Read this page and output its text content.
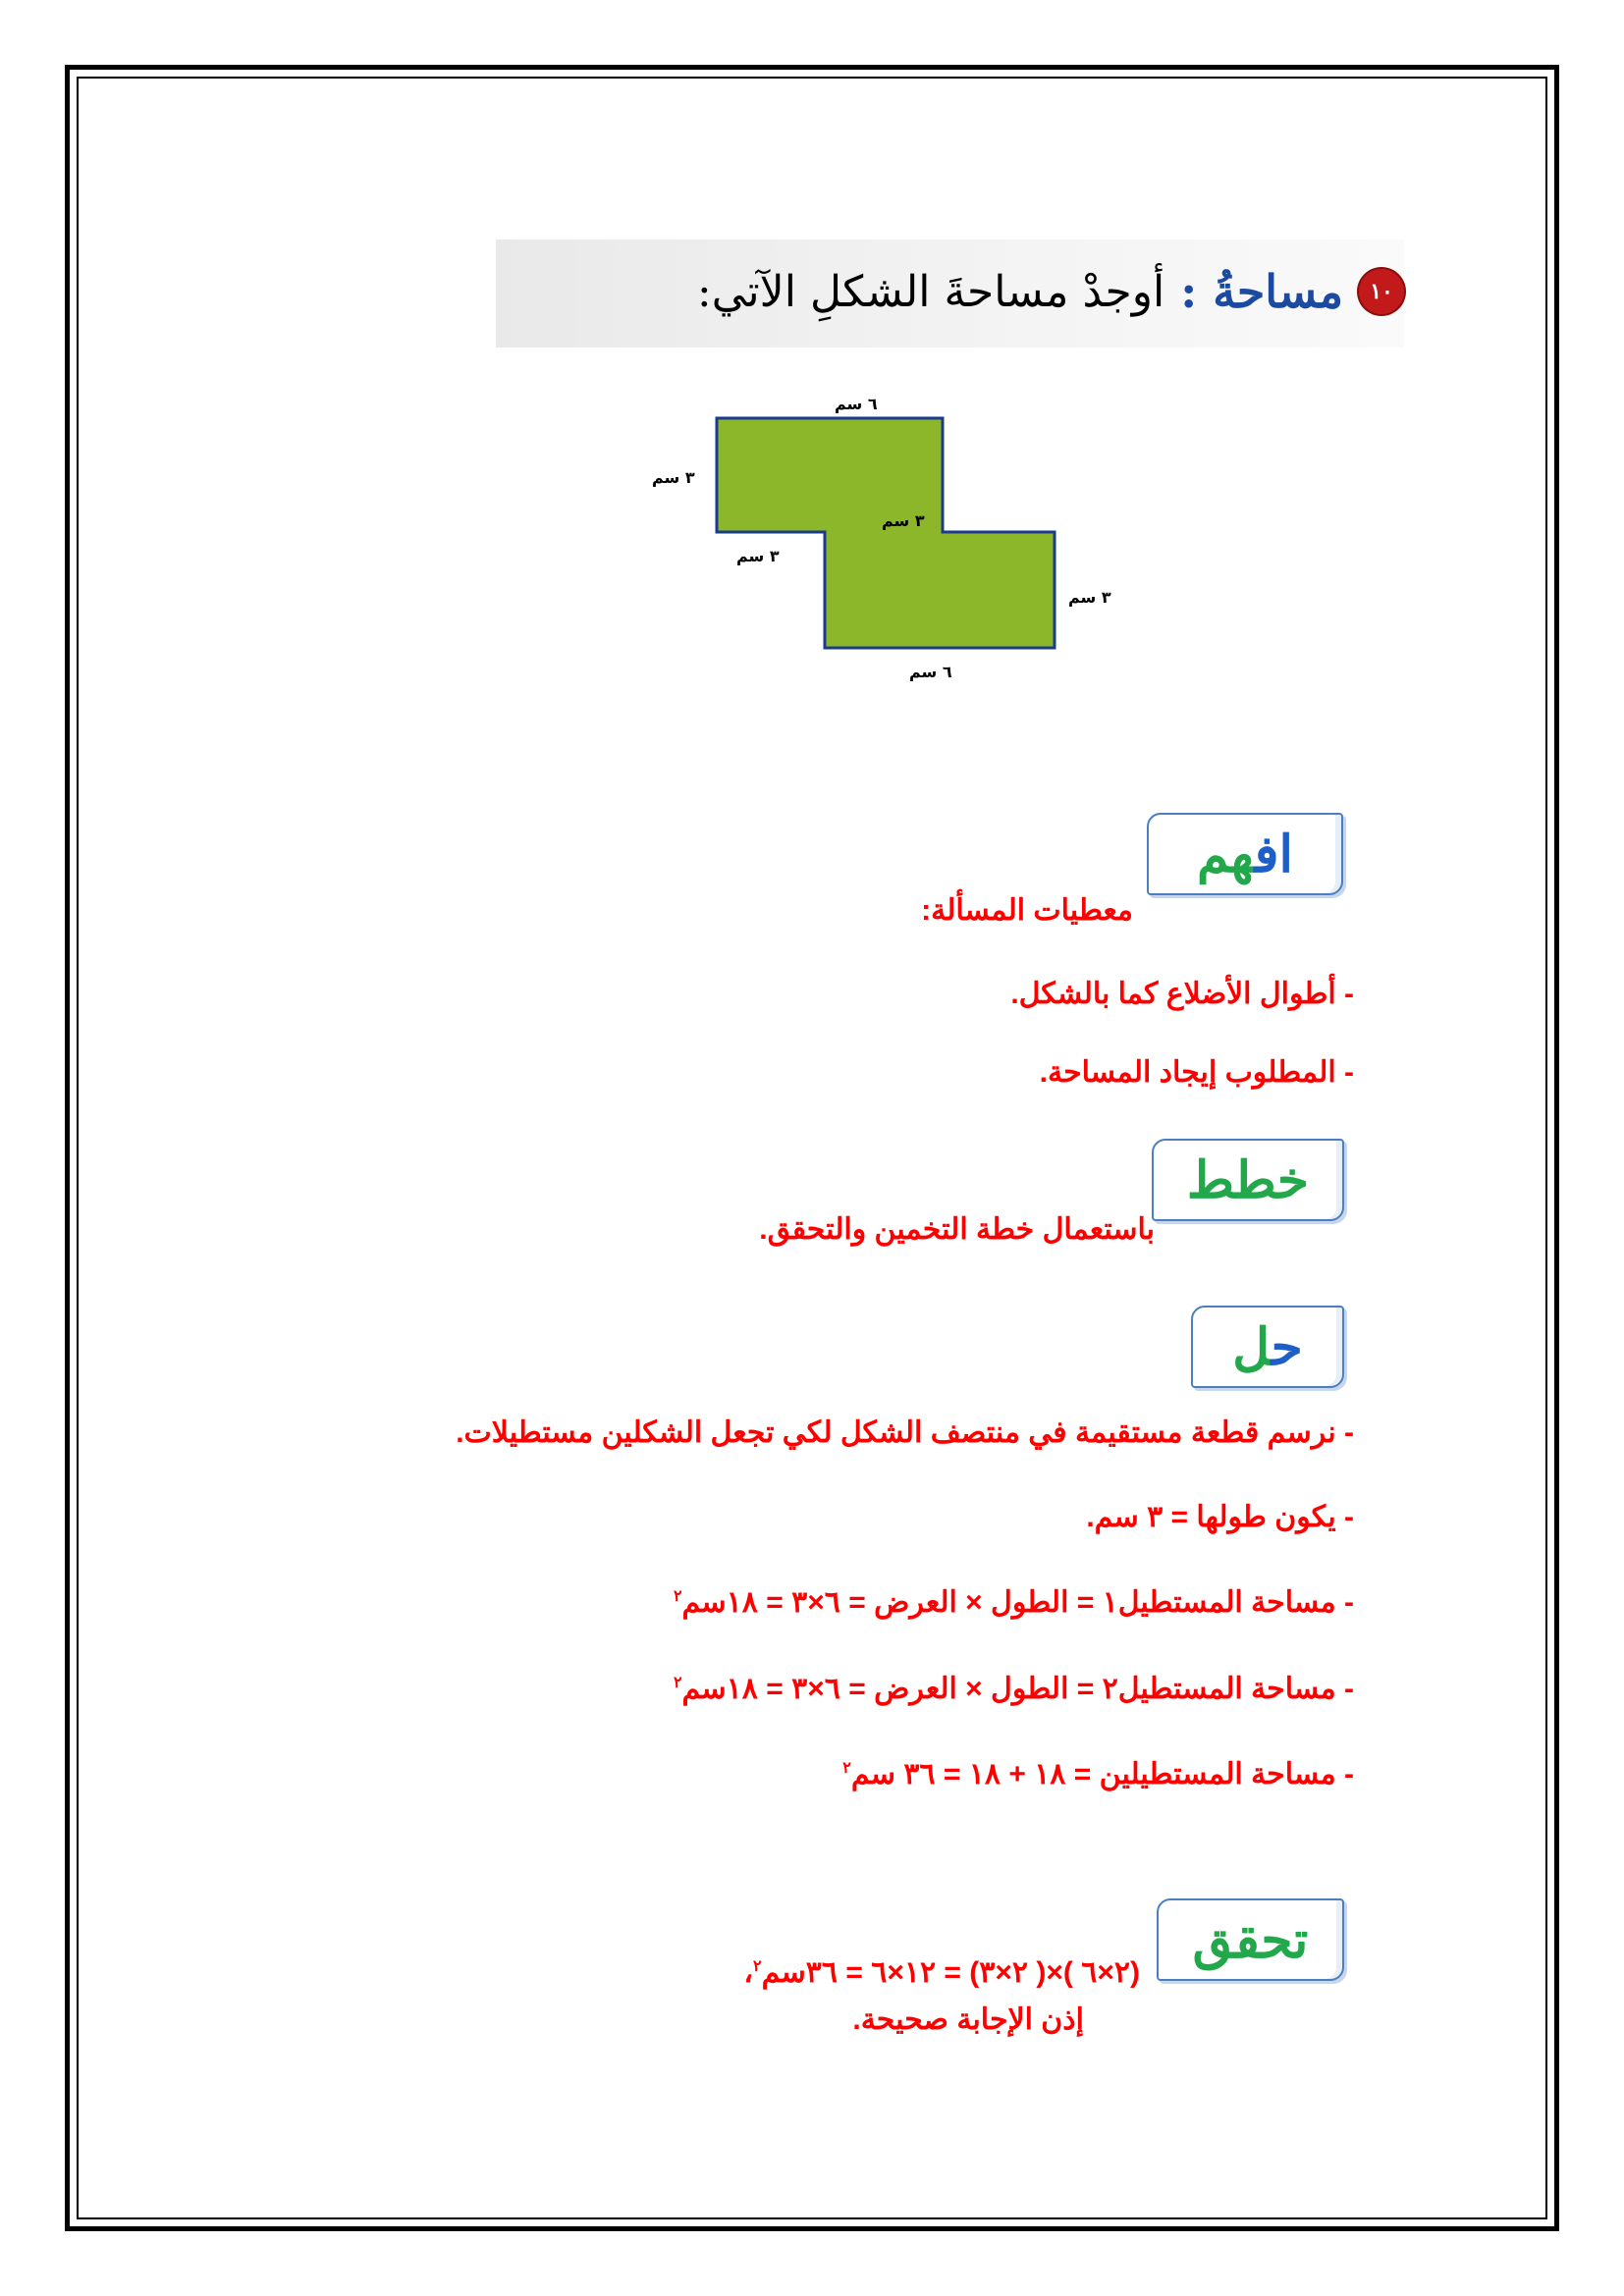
١٠
مساحةُ
:
أوجدْ مساحةَ الشكلِ الآتي:
٦ سم
٣ سم
٣ سم
٣ سم
٣ سم
٦ سم
افهم
معطيات المسألة:
- أطوال الأضلاع كما بالشكل.
- المطلوب إيجاد المساحة.
خطط
باستعمال خطة التخمين والتحقق.
حل
- نرسم قطعة مستقيمة في منتصف الشكل لكي تجعل الشكلين مستطيلات.
- يكون طولها = ٣ سم.
- مساحة المستطيل١ = الطول × العرض = ٦×٣ = ١٨سم$^٢$
- مساحة المستطيل٢ = الطول × العرض = ٦×٣ = ١٨سم$^٢$
- مساحة المستطيلين = ١٨ + ١٨ = ٣٦ سم$^٢$
تحقق
(٢×٦ )×( ٢×٣) = ١٢×٦ = ٣٦سم$^٢$،
إذن الإجابة صحيحة.
